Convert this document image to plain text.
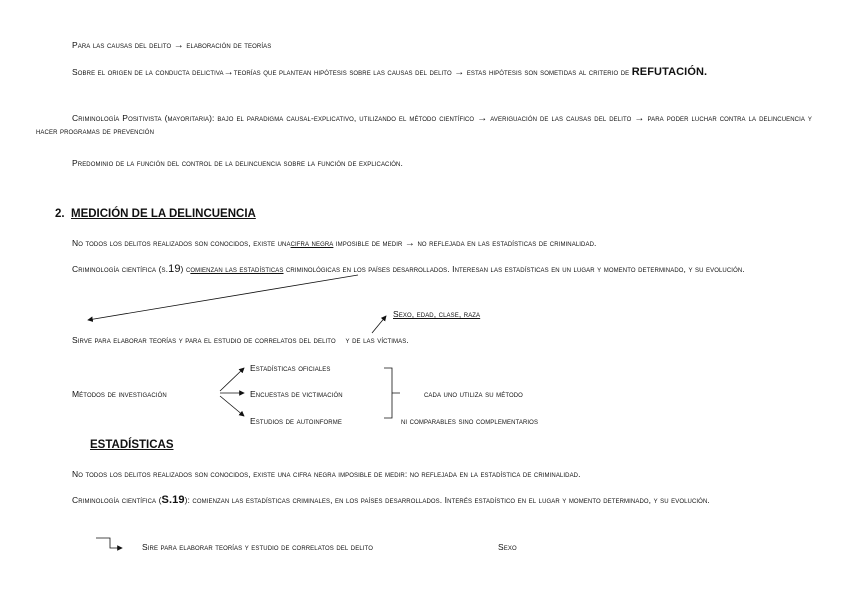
Para las causas del delito → elaboración de teorías
Sobre el origen de la conducta delictiva→teorías que plantean hipótesis sobre las causas del delito → estas hipótesis son sometidas al criterio de REFUTACIÓN.
Criminología Positivista (mayoritaria): bajo el paradigma causal-explicativo, utilizando el método científico → averiguación de las causas del delito → para poder luchar contra la delincuencia y hacer programas de prevención
Predominio de la función del control de la delincuencia sobre la función de explicación.
2. MEDICIÓN DE LA DELINCUENCIA
No todos los delitos realizados son conocidos, existe unacifra negra imposible de medir → no reflejada en las estadísticas de criminalidad.
Criminología científica (s.19) comienzan las estadísticas criminológicas en los países desarrollados. Interesan las estadísticas en un lugar y momento determinado, y su evolución.
Sexo, edad, clase, raza
Sirve para elaborar teorías y para el estudio de correlatos del delito    y de las víctimas.
Métodos de investigación
Estadísticas oficiales
Encuestas de victimación
Estudios de autoinforme
cada uno utiliza su método
ni comparables sino complementarios
ESTADÍSTICAS
No todos los delitos realizados son conocidos, existe una cifra negra imposible de medir: no reflejada en la estadística de criminalidad.
Criminología científica (S.19): comienzan las estadísticas criminales, en los países desarrollados. Interés estadístico en el lugar y momento determinado, y su evolución.
Sire para elaborar teorías y estudio de correlatos del delito	Sexo
